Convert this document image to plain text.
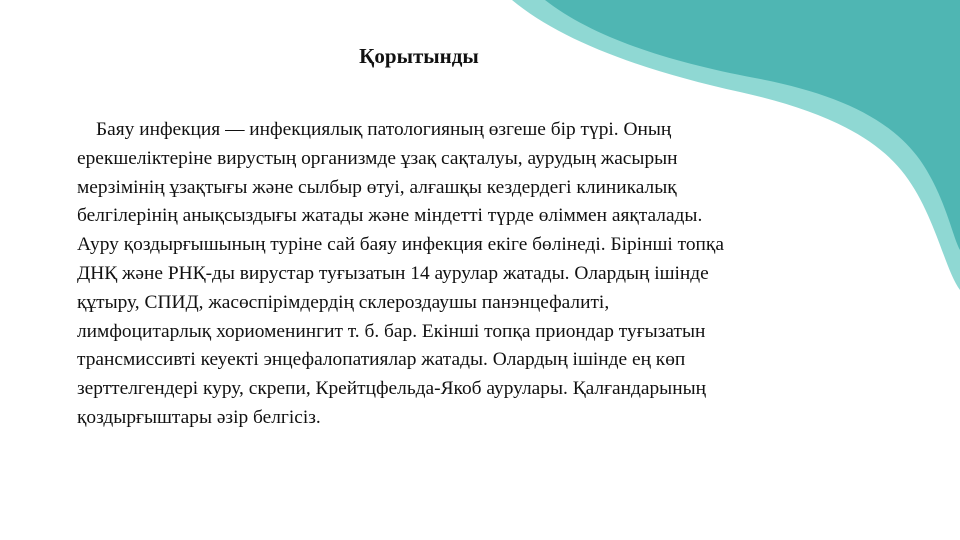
Қорытынды
Баяу инфекция — инфекциялық патологияның өзгеше бір түрі. Оның
ерекшеліктеріне вирустың организмде ұзақ сақталуы, аурудың жасырын
мерзімінің ұзақтығы және сылбыр өтуі, алғашқы кездердегі клиникалық
белгілерінің анықсыздығы жатады және міндетті түрде өліммен аяқталады.
Ауру қоздырғышының туріне сай баяу инфекция екіге бөлінеді. Бірінші топқа
ДНҚ және РНҚ-ды вирустар туғызатын 14 аурулар жатады. Олардың ішінде
құтыру, СПИД, жасөспірімдердің склероздаушы панэнцефалиті,
лимфоцитарлық хориоменингит т. б. бар. Екінші топқа приондар туғызатын
трансмиссивті кеуекті энцефалопатиялар жатады. Олардың ішінде ең көп
зерттелгендері куру, скрепи, Крейтцфельда-Якоб аурулары. Қалғандарының
қоздырғыштары әзір белгісіз.
